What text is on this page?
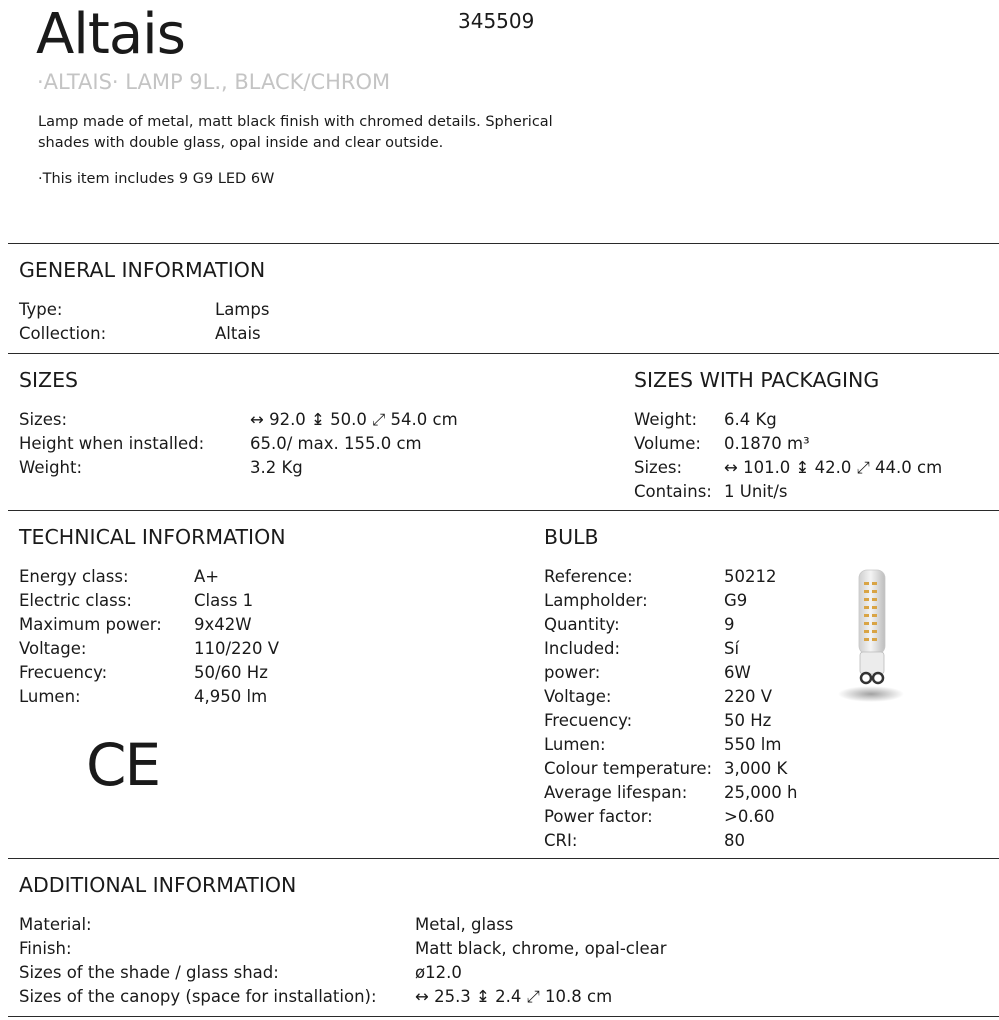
Altais	345509
·ALTAIS· LAMP 9L., BLACK/CHROM
Lamp made of metal, matt black finish with chromed details. Spherical shades with double glass, opal inside and clear outside.
·This item includes 9 G9 LED 6W
GENERAL INFORMATION
Type:	Lamps
Collection:	Altais
SIZES
Sizes:	↔ 92.0 ↨ 50.0 ⤢ 54.0 cm
Height when installed:	65.0/ max. 155.0 cm
Weight:	3.2 Kg
SIZES WITH PACKAGING
Weight: 6.4 Kg
Volume: 0.1870 m³
Sizes:	↔ 101.0 ↨ 42.0 ⤢ 44.0 cm
Contains: 1 Unit/s
TECHNICAL INFORMATION
Energy class:	A+
Electric class:	Class 1
Maximum power: 9x42W
Voltage:	110/220 V
Frecuency:	50/60 Hz
Lumen:	4,950 lm
CE
BULB
Reference:	50212
Lampholder:	G9
Quantity:	9
Included:	Sí
power:	6W
Voltage:	220 V
Frecuency:	50 Hz
Lumen:	550 lm
Colour temperature: 3,000 K
Average lifespan: 25,000 h
Power factor:	>0.60
CRI:	80
ADDITIONAL INFORMATION
Material:	Metal, glass
Finish:	Matt black, chrome, opal-clear
Sizes of the shade / glass shad:	ø12.0
Sizes of the canopy (space for installation): ↔ 25.3 ↨ 2.4 ⤢ 10.8 cm
